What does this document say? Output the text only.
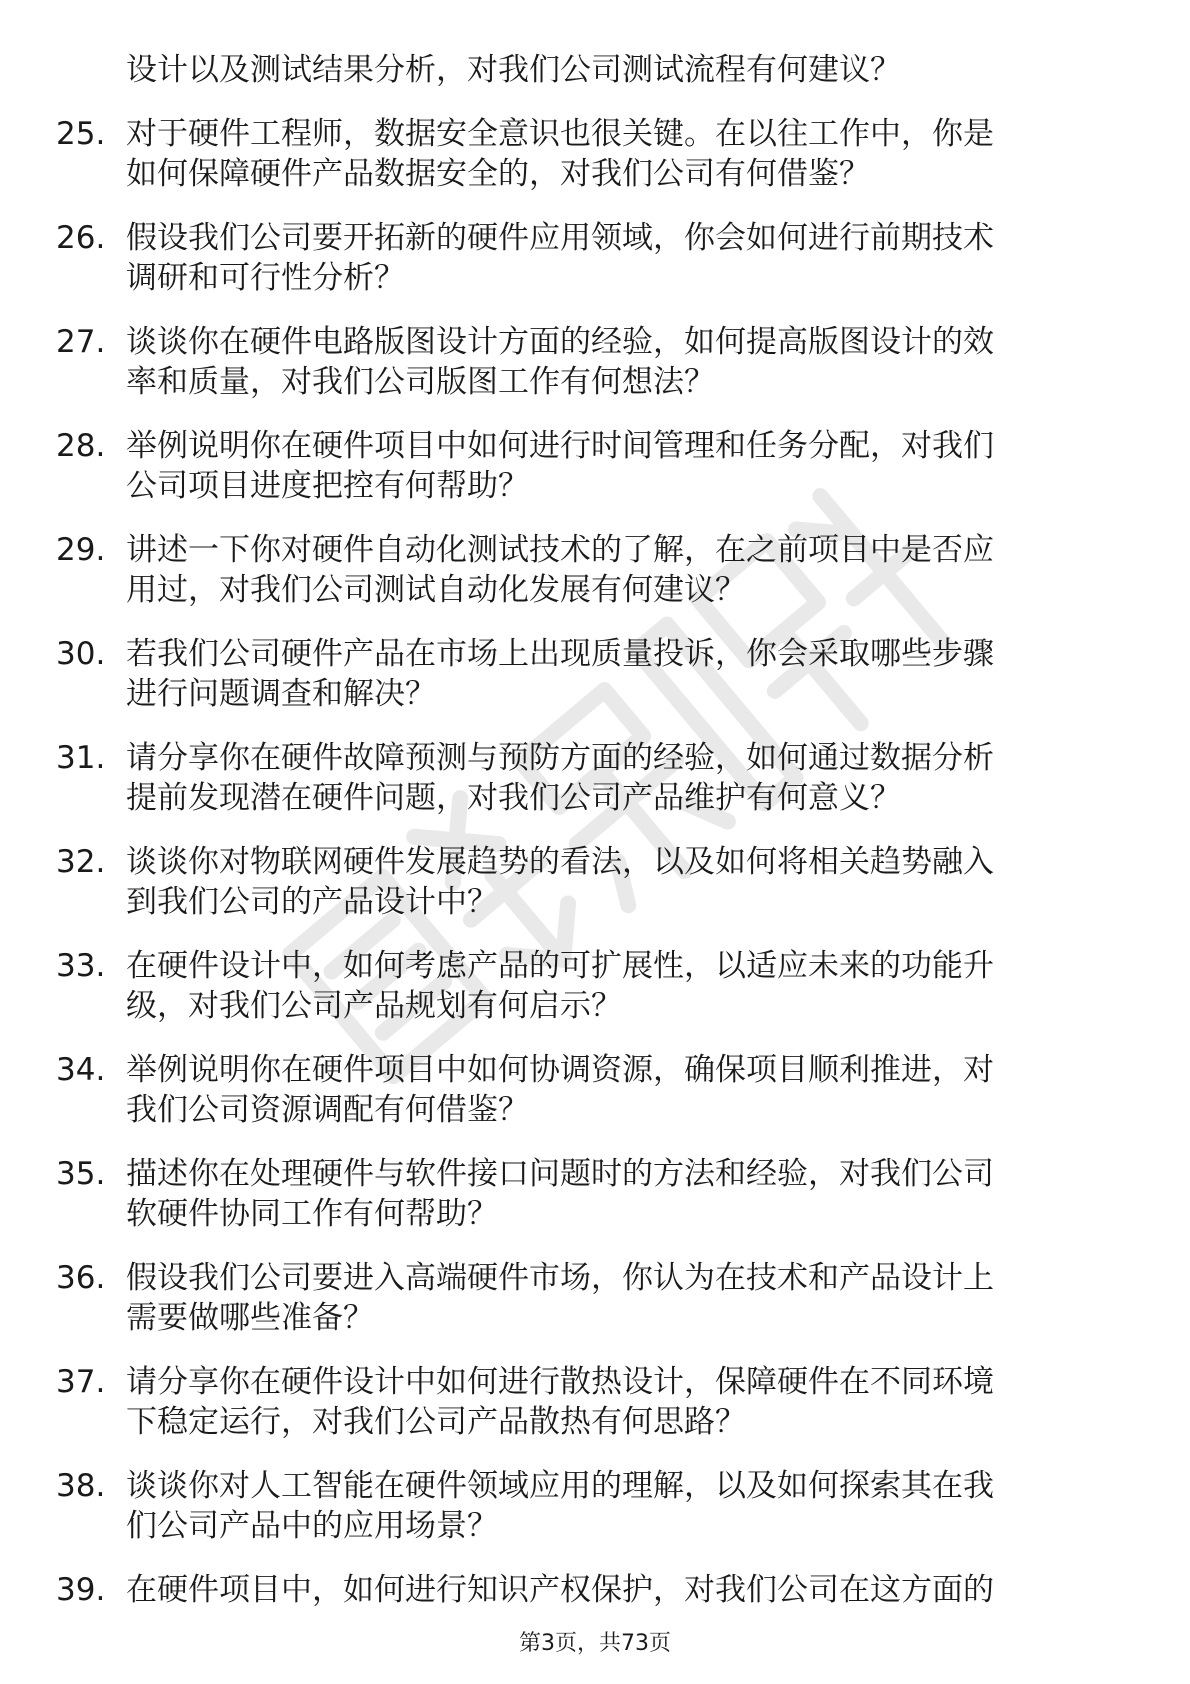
设计以及测试结果分析，对我们公司测试流程有何建议？
25. 对于硬件工程师，数据安全意识也很关键。在以往工作中，你是
如何保障硬件产品数据安全的，对我们公司有何借鉴？
26. 假设我们公司要开拓新的硬件应用领域，你会如何进行前期技术
调研和可行性分析？
27. 谈谈你在硬件电路版图设计方面的经验，如何提高版图设计的效
率和质量，对我们公司版图工作有何想法？
28. 举例说明你在硬件项目中如何进行时间管理和任务分配，对我们
公司项目进度把控有何帮助？
29. 讲述一下你对硬件自动化测试技术的了解，在之前项目中是否应
用过，对我们公司测试自动化发展有何建议？
30. 若我们公司硬件产品在市场上出现质量投诉，你会采取哪些步骤
进行问题调查和解决？
31. 请分享你在硬件故障预测与预防方面的经验，如何通过数据分析
提前发现潜在硬件问题，对我们公司产品维护有何意义？
32. 谈谈你对物联网硬件发展趋势的看法，以及如何将相关趋势融入
到我们公司的产品设计中？
33. 在硬件设计中，如何考虑产品的可扩展性，以适应未来的功能升
级，对我们公司产品规划有何启示？
34. 举例说明你在硬件项目中如何协调资源，确保项目顺利推进，对
我们公司资源调配有何借鉴？
35. 描述你在处理硬件与软件接口问题时的方法和经验，对我们公司
软硬件协同工作有何帮助？
36. 假设我们公司要进入高端硬件市场，你认为在技术和产品设计上
需要做哪些准备？
37. 请分享你在硬件设计中如何进行散热设计，保障硬件在不同环境
下稳定运行，对我们公司产品散热有何思路？
38. 谈谈你对人工智能在硬件领域应用的理解，以及如何探索其在我
们公司产品中的应用场景？
39. 在硬件项目中，如何进行知识产权保护，对我们公司在这方面的
第3页，共73页
